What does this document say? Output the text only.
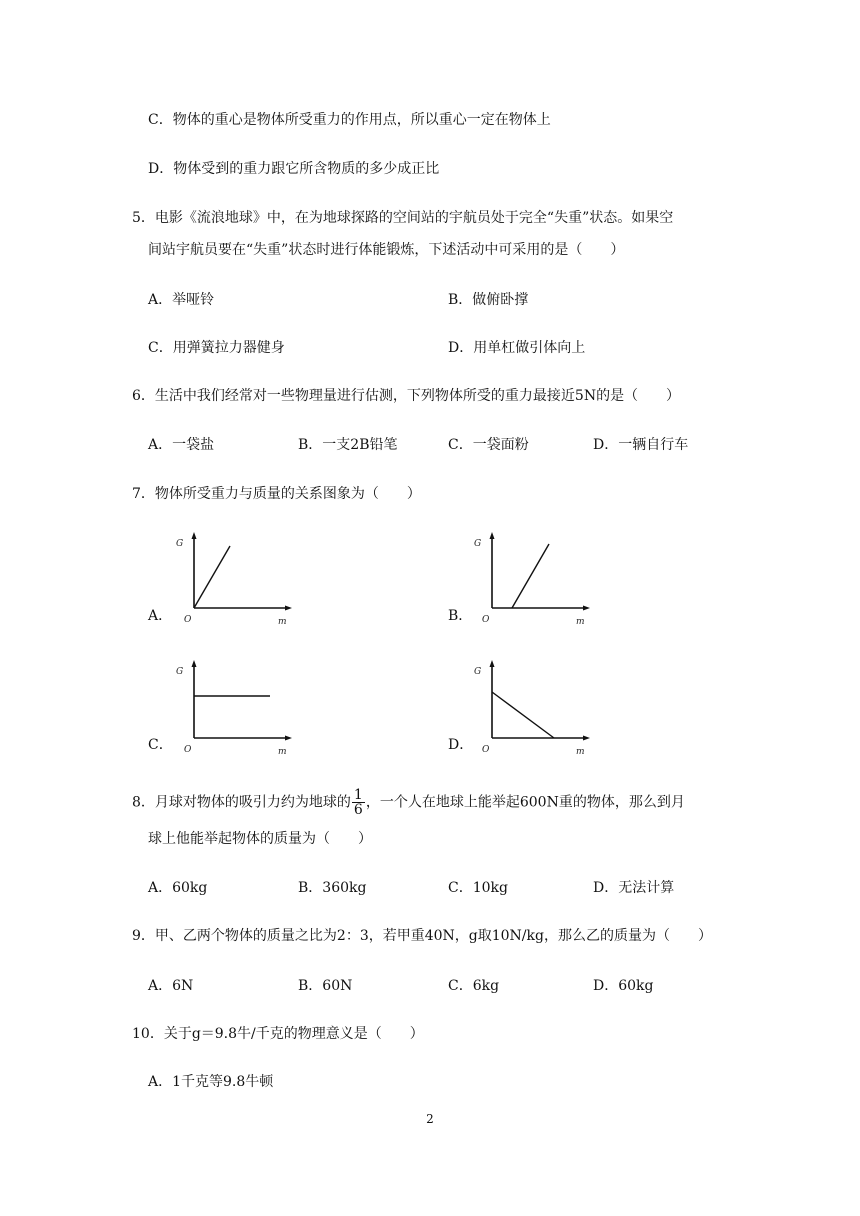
C．物体的重心是物体所受重力的作用点，所以重心一定在物体上
D．物体受到的重力跟它所含物质的多少成正比
5．电影《流浪地球》中，在为地球探路的空间站的宇航员处于完全“失重”状态。如果空
间站宇航员要在“失重”状态时进行体能锻炼，下述活动中可采用的是（　　）
A．举哑铃	B．做俯卧撑
C．用弹簧拉力器健身	D．用单杠做引体向上
6．生活中我们经常对一些物理量进行估测，下列物体所受的重力最接近5N的是（　　）
A．一袋盐	B．一支2B铅笔	C．一袋面粉	D．一辆自行车
7．物体所受重力与质量的关系图象为（　　）
A．
G
O	m	B．
G
O	m
C．
G
O	m	D．
G
O	m
8．月球对物体的吸引力约为地球的 $\frac{1}{6}$ ，一个人在地球上能举起600N重的物体，那么到月
球上他能举起物体的质量为（　　）
A．60kg	B．360kg	C．10kg	D．无法计算
9．甲、乙两个物体的质量之比为2：3，若甲重40N，g取10N/kg，那么乙的质量为（　　）
A．6N	B．60N	C．6kg	D．60kg
10．关于g＝9.8牛/千克的物理意义是（　　）
A．1千克等9.8牛顿
2
